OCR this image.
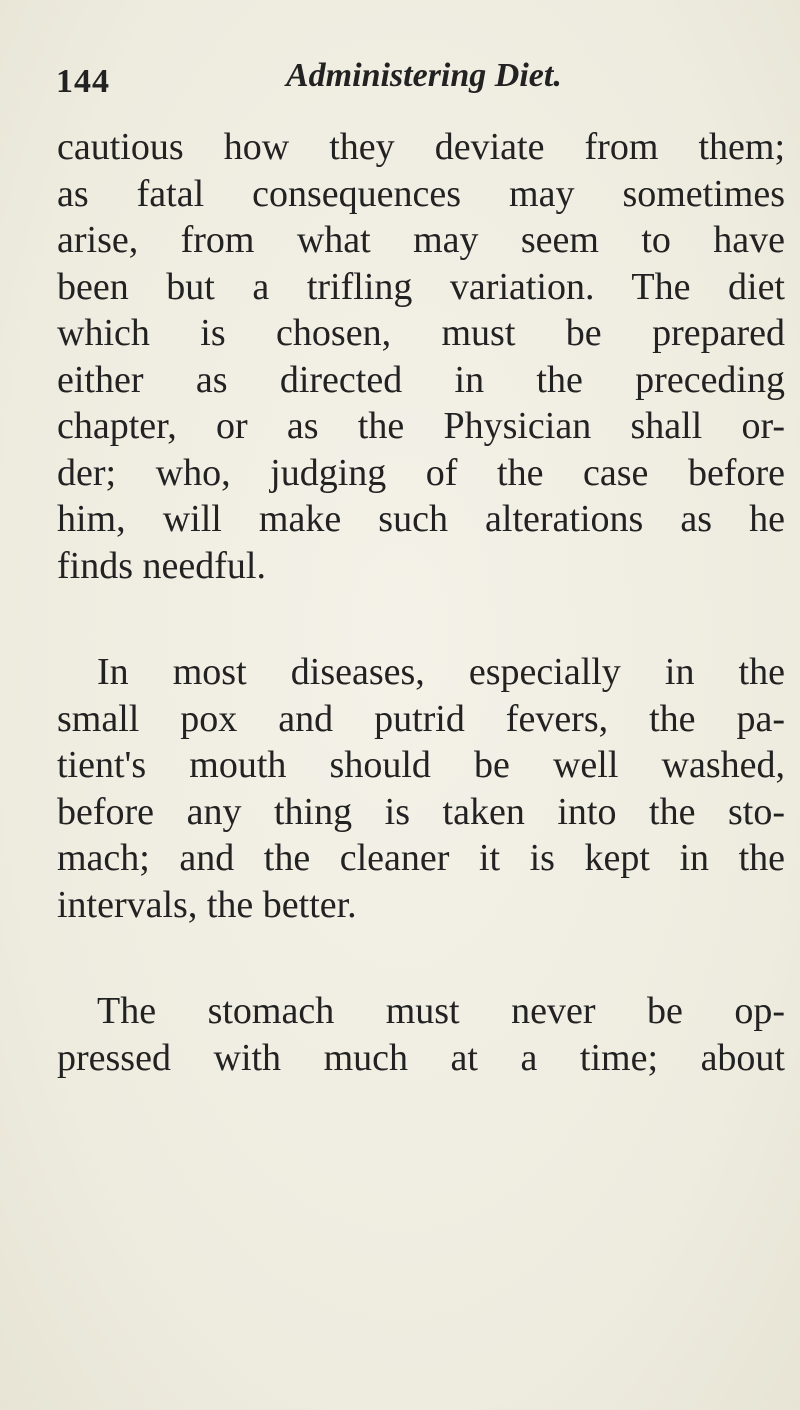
144	Administering Diet.
cautious how they deviate from them;
as fatal consequences may sometimes
arise, from what may seem to have
been but a trifling variation. The diet
which is chosen, must be prepared
either as directed in the preceding
chapter, or as the Physician shall or-
der; who, judging of the case before
him, will make such alterations as he
finds needful.
In most diseases, especially in the
small pox and putrid fevers, the pa-
tient's mouth should be well washed,
before any thing is taken into the sto-
mach; and the cleaner it is kept in the
intervals, the better.
The stomach must never be op-
pressed with much at a time; about
